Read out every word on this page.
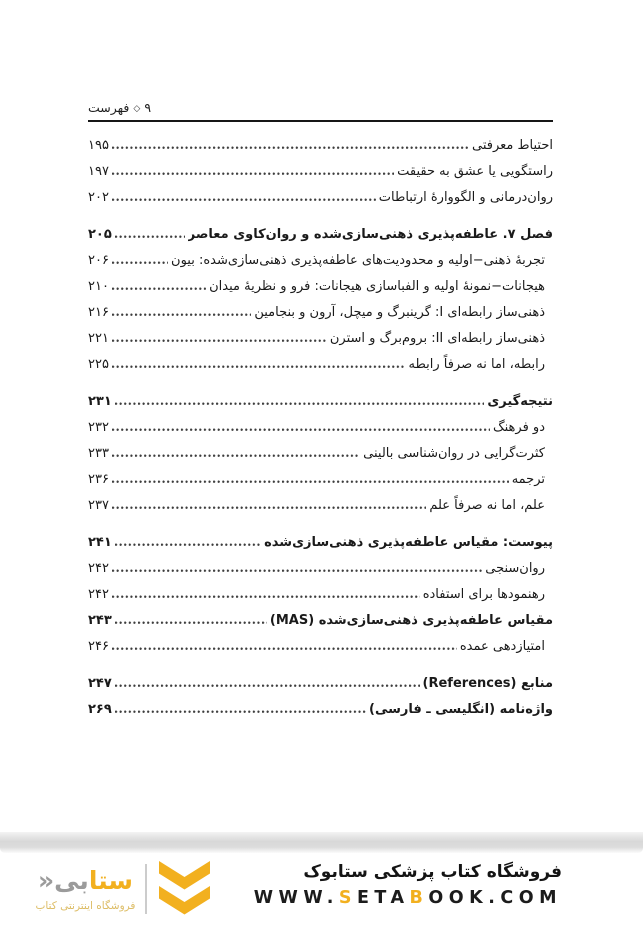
۹◇فهرست
احتیاط معرفتی
۱۹۵
راستگویی یا عشق به حقیقت
۱۹۷
روان‌درمانی و الگووارهٔ ارتباطات
۲۰۲
فصل ۷. عاطفه‌پذیری ذهنی‌سازی‌شده و روان‌کاوی معاصر
۲۰۵
تجربهٔ ذهنی−اولیه و محدودیت‌های عاطفه‌پذیری ذهنی‌سازی‌شده: بیون
۲۰۶
هیجانات−نمونهٔ اولیه و الفباسازی هیجانات: فرو و نظریهٔ میدان
۲۱۰
ذهنی‌ساز رابطه‌ای I: گرینبرگ و میچل، آرون و بنجامین
۲۱۶
ذهنی‌ساز رابطه‌ای II: بروم‌برگ و استرن
۲۲۱
رابطه، اما نه صرفاً رابطه
۲۲۵
نتیجه‌گیری
۲۳۱
دو فرهنگ
۲۳۲
کثرت‌گرایی در روان‌شناسی بالینی
۲۳۳
ترجمه
۲۳۶
علم، اما نه صرفاً علم
۲۳۷
پیوست: مقیاس عاطفه‌پذیری ذهنی‌سازی‌شده
۲۴۱
روان‌سنجی
۲۴۲
رهنمودها برای استفاده
۲۴۲
مقیاس عاطفه‌پذیری ذهنی‌سازی‌شده (MAS)
۲۴۳
امتیازدهی عمده
۲۴۶
منابع (References)
۲۴۷
واژه‌نامه (انگلیسی ـ فارسی)
۲۶۹
فروشگاه کتاب پزشکی ستابوک
WWW.SETABOOK.COM
ستابی«
فروشگاه اینترنتی کتاب
